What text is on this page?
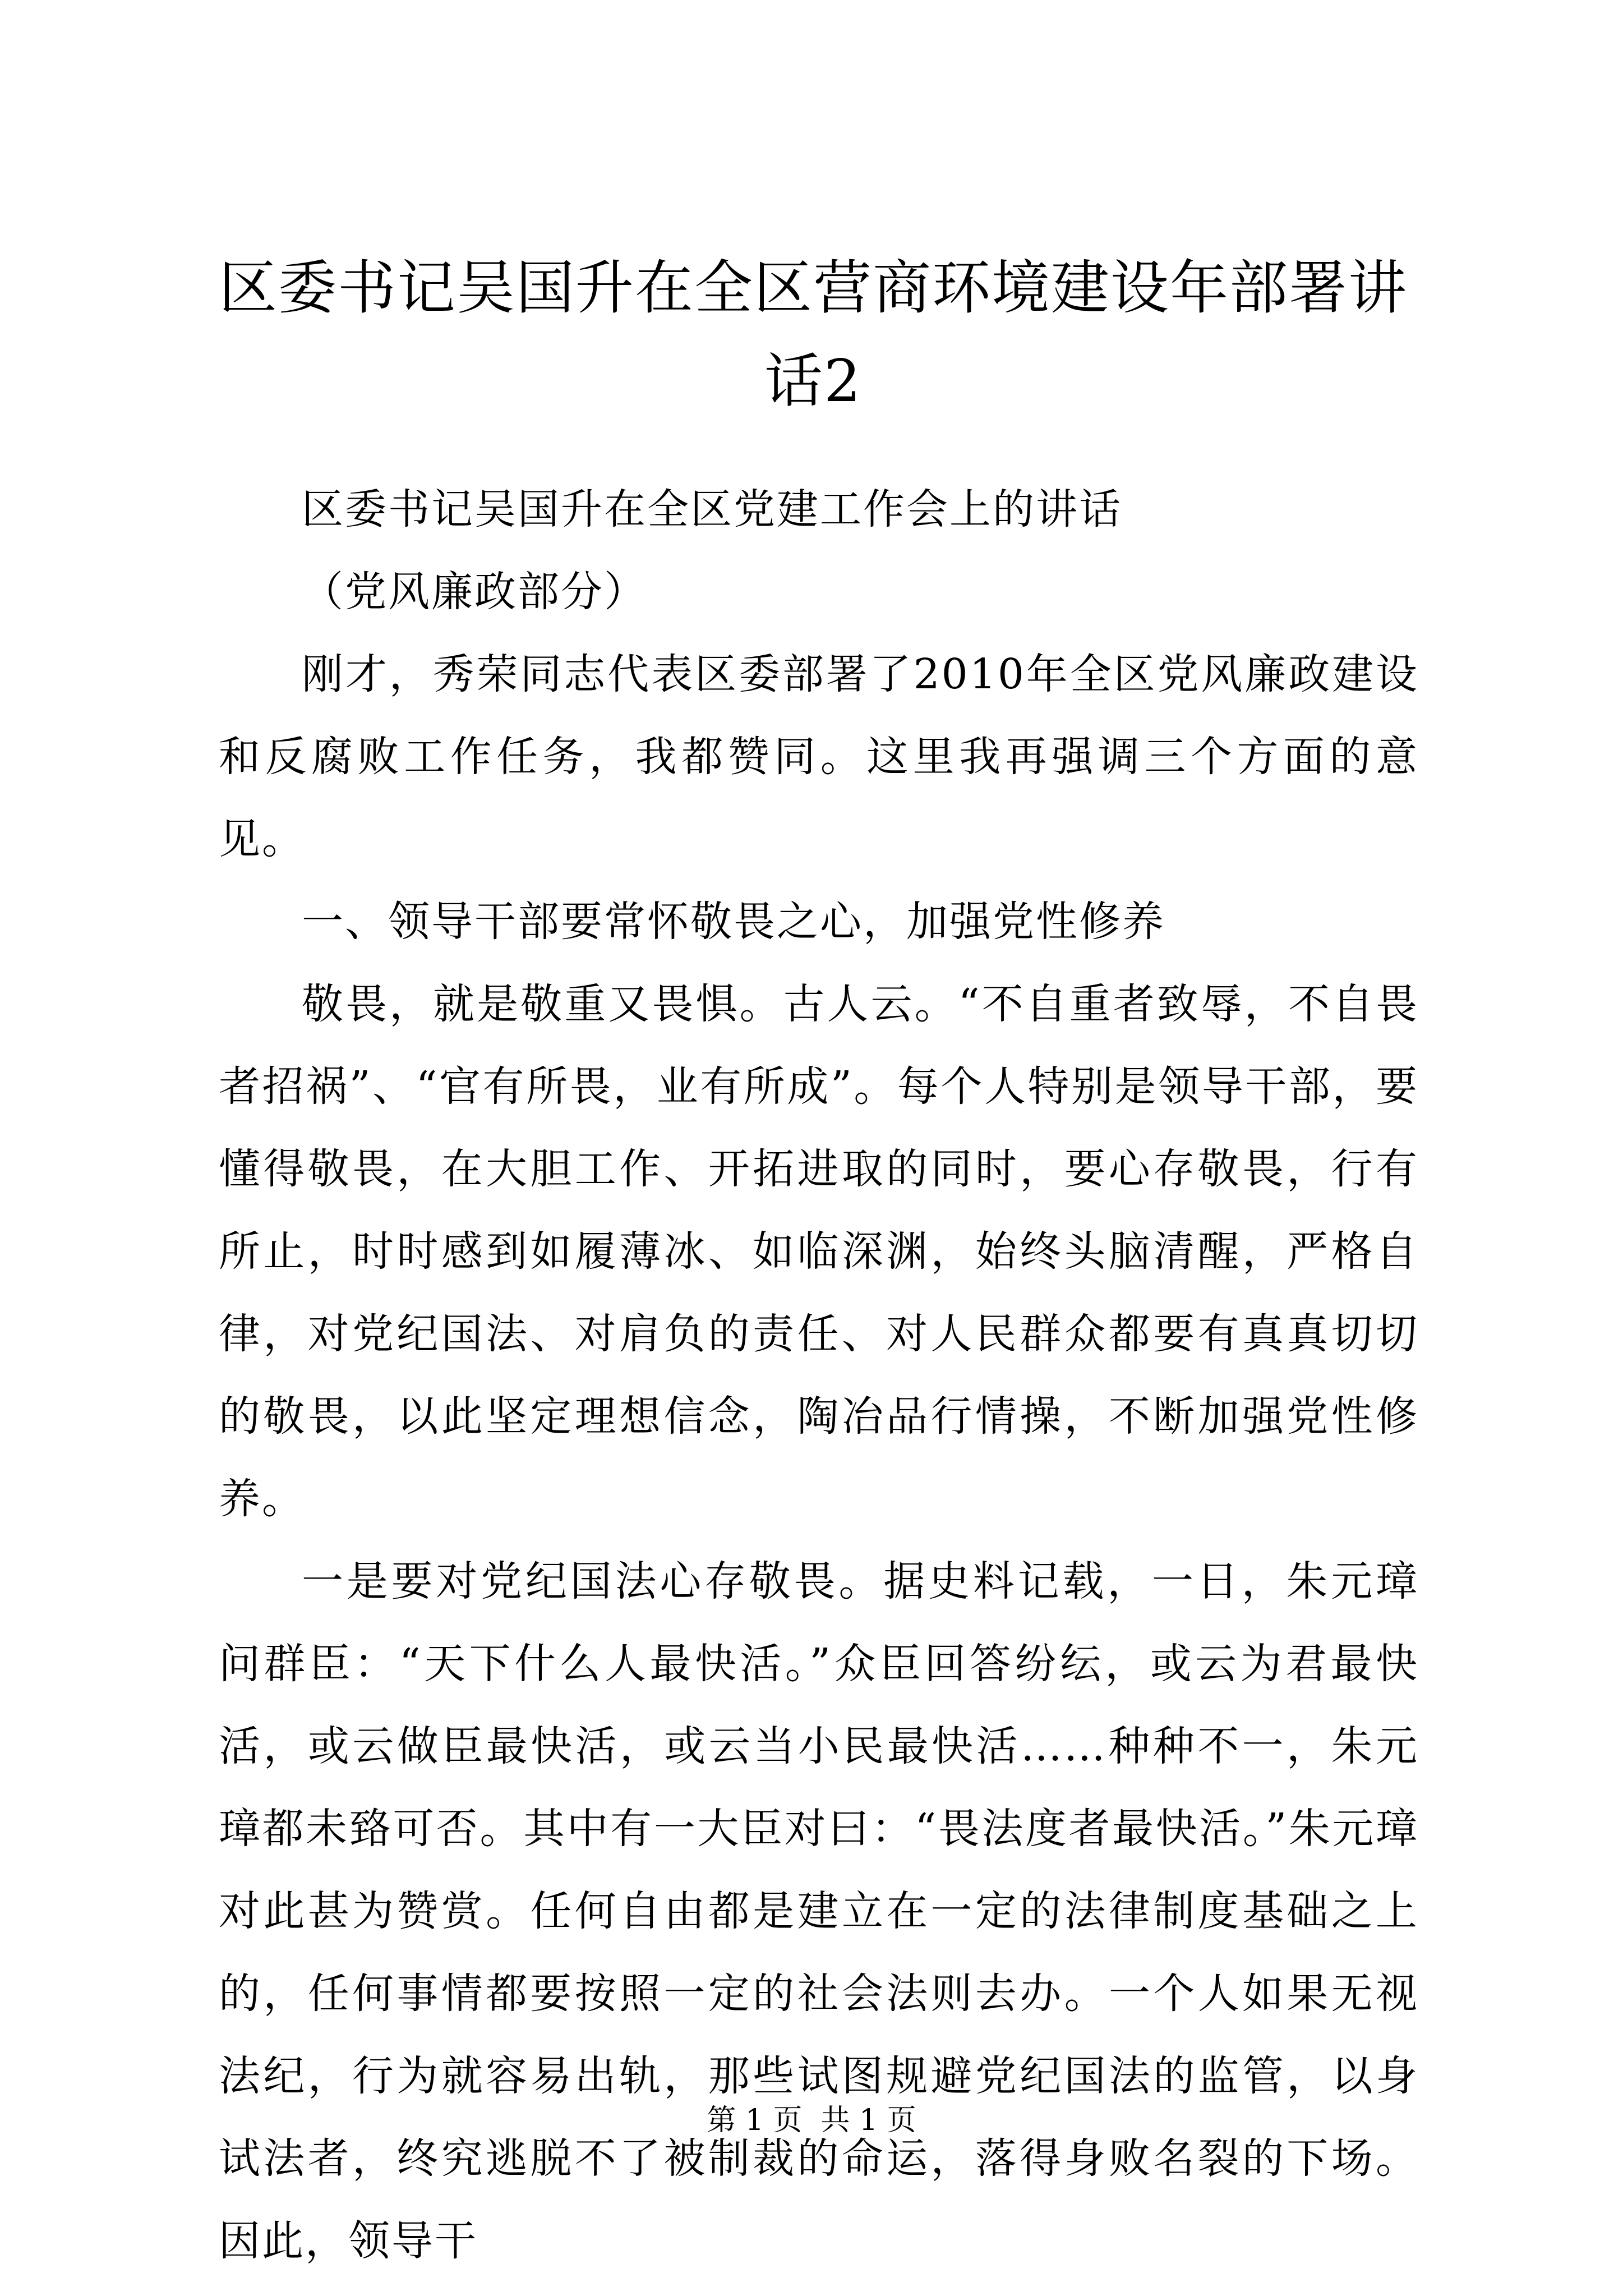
区委书记吴国升在全区营商环境建设年部署讲话2

区委书记吴国升在全区党建工作会上的讲话

（党风廉政部分）

刚才，秀荣同志代表区委部署了2010年全区党风廉政建设和反腐败工作任务，我都赞同。这里我再强调三个方面的意见。

一、领导干部要常怀敬畏之心，加强党性修养

敬畏，就是敬重又畏惧。古人云。“不自重者致辱，不自畏者招祸”、“官有所畏，业有所成”。每个人特别是领导干部，要懂得敬畏，在大胆工作、开拓进取的同时，要心存敬畏，行有所止，时时感到如履薄冰、如临深渊，始终头脑清醒，严格自律，对党纪国法、对肩负的责任、对人民群众都要有真真切切的敬畏，以此坚定理想信念，陶冶品行情操，不断加强党性修养。

一是要对党纪国法心存敬畏。据史料记载，一日，朱元璋问群臣：“天下什么人最快活。”众臣回答纷纭，或云为君最快活，或云做臣最快活，或云当小民最快活……种种不一，朱元璋都未臵可否。其中有一大臣对曰：“畏法度者最快活。”朱元璋对此甚为赞赏。任何自由都是建立在一定的法律制度基础之上的，任何事情都要按照一定的社会法则去办。一个人如果无视法纪，行为就容易出轨，那些试图规避党纪国法的监管，以身试法者，终究逃脱不了被制裁的命运，落得身败名裂的下场。因此，领导干

第 1 页  共 1 页
